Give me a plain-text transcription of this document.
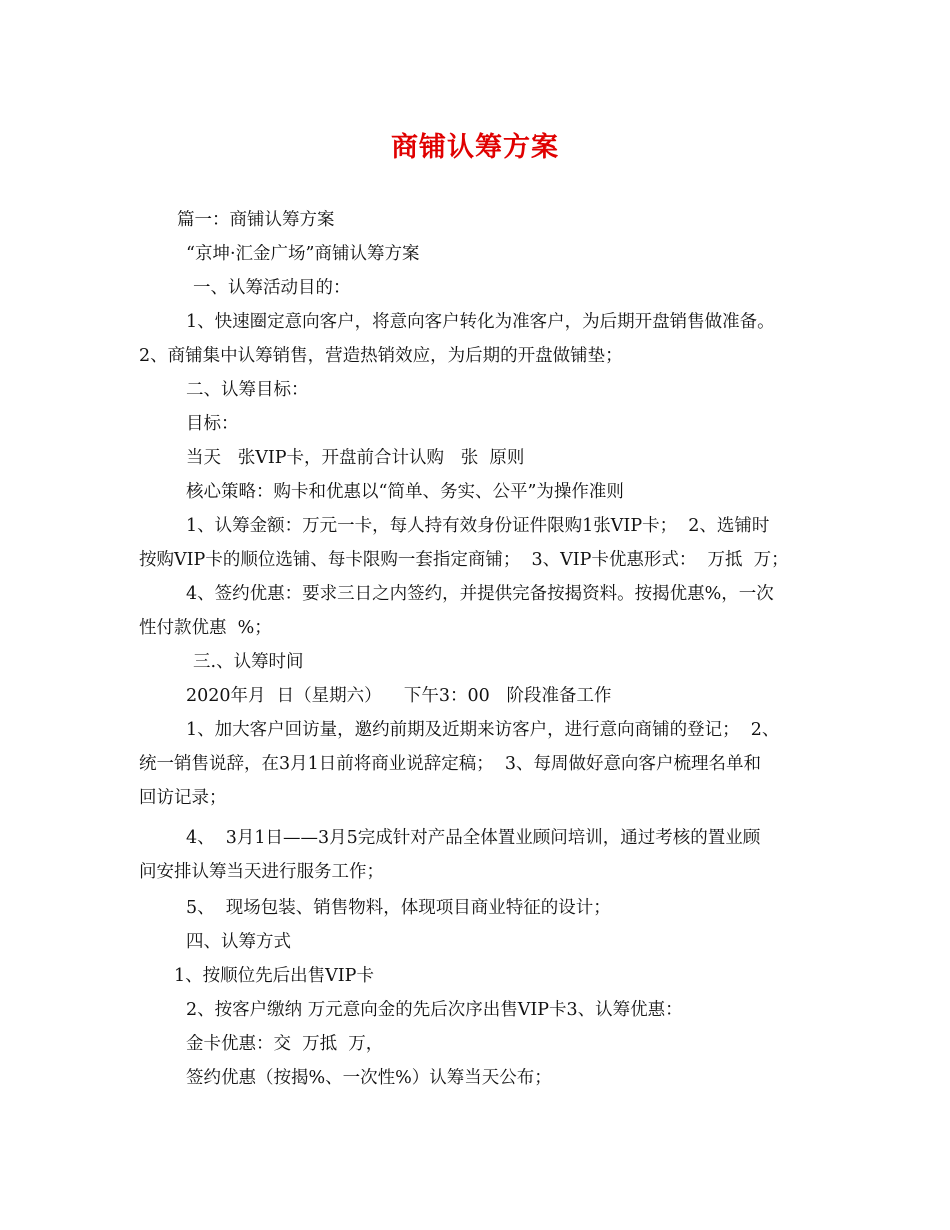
商铺认筹方案

篇一：商铺认筹方案

“京坤·汇金广场”商铺认筹方案

一、认筹活动目的：

1、快速圈定意向客户，将意向客户转化为准客户，为后期开盘销售做准备。

2、商铺集中认筹销售，营造热销效应，为后期的开盘做铺垫；

二、认筹目标：

目标：

当天   张VIP卡，开盘前合计认购   张  原则

核心策略：购卡和优惠以“简单、务实、公平”为操作准则

1、认筹金额：万元一卡，每人持有效身份证件限购1张VIP卡；  2、选铺时

按购VIP卡的顺位选铺、每卡限购一套指定商铺；  3、VIP卡优惠形式：  万抵  万；

4、签约优惠：要求三日之内签约，并提供完备按揭资料。按揭优惠%，一次

性付款优惠  %；

三.、认筹时间

2020年月  日（星期六）    下午3：00   阶段准备工作

1、加大客户回访量，邀约前期及近期来访客户，进行意向商铺的登记；  2、

统一销售说辞，在3月1日前将商业说辞定稿；  3、每周做好意向客户梳理名单和

回访记录；

4、  3月1日——3月5完成针对产品全体置业顾问培训，通过考核的置业顾

问安排认筹当天进行服务工作；

5、  现场包装、销售物料，体现项目商业特征的设计；

四、认筹方式

1、按顺位先后出售VIP卡

2、按客户缴纳 万元意向金的先后次序出售VIP卡3、认筹优惠：

金卡优惠：交  万抵  万，

签约优惠（按揭%、一次性%）认筹当天公布；
